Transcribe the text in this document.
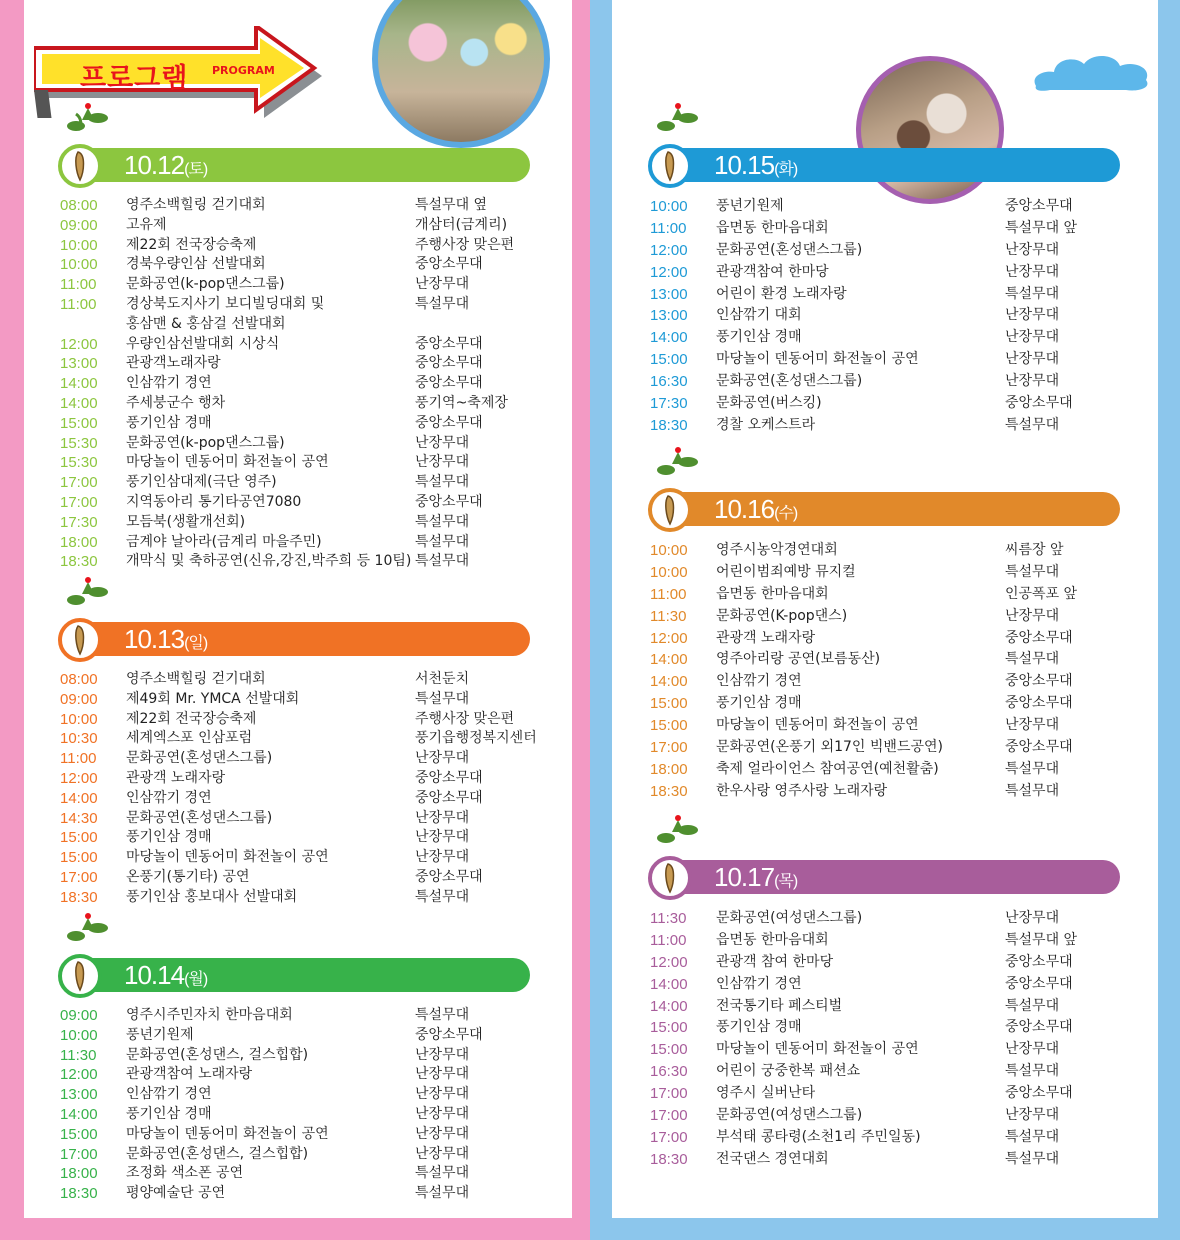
프로그램 PROGRAM
10.12(토)
08:00	영주소백힐링 걷기대회	특설무대 옆
09:00	고유제	개삼터(금계리)
10:00	제22회 전국장승축제	주행사장 맞은편
10:00	경북우량인삼 선발대회	중앙소무대
11:00	문화공연(k-pop댄스그룹)	난장무대
11:00	경상북도지사기 보디빌딩대회 및	특설무대
홍삼맨 & 홍삼걸 선발대회
12:00	우량인삼선발대회 시상식	중앙소무대
13:00	관광객노래자랑	중앙소무대
14:00	인삼깎기 경연	중앙소무대
14:00	주세붕군수 행차	풍기역~축제장
15:00	풍기인삼 경매	중앙소무대
15:30	문화공연(k-pop댄스그룹)	난장무대
15:30	마당놀이 덴동어미 화전놀이 공연	난장무대
17:00	풍기인삼대제(극단 영주)	특설무대
17:00	지역동아리 통기타공연7080	중앙소무대
17:30	모듬북(생활개선회)	특설무대
18:00	금계야 날아라(금계리 마을주민)	특설무대
18:30	개막식 및 축하공연(신유,강진,박주희 등 10팀) 특설무대
10.13(일)
08:00	영주소백힐링 걷기대회	서천둔치
09:00	제49회 Mr. YMCA 선발대회	특설무대
10:00	제22회 전국장승축제	주행사장 맞은편
10:30	세계엑스포 인삼포럼	풍기읍행정복지센터
11:00	문화공연(혼성댄스그룹)	난장무대
12:00	관광객 노래자랑	중앙소무대
14:00	인삼깎기 경연	중앙소무대
14:30	문화공연(혼성댄스그룹)	난장무대
15:00	풍기인삼 경매	난장무대
15:00	마당놀이 덴동어미 화전놀이 공연	난장무대
17:00	온풍기(통기타) 공연	중앙소무대
18:30	풍기인삼 홍보대사 선발대회	특설무대
10.14(월)
09:00	영주시주민자치 한마음대회	특설무대
10:00	풍년기원제	중앙소무대
11:30	문화공연(혼성댄스, 걸스힙합)	난장무대
12:00	관광객참여 노래자랑	난장무대
13:00	인삼깎기 경연	난장무대
14:00	풍기인삼 경매	난장무대
15:00	마당놀이 덴동어미 화전놀이 공연	난장무대
17:00	문화공연(혼성댄스, 걸스힙합)	난장무대
18:00	조정화 색소폰 공연	특설무대
18:30	평양예술단 공연	특설무대
10.15(화)
10:00	풍년기원제	중앙소무대
11:00	읍면동 한마음대회	특설무대 앞
12:00	문화공연(혼성댄스그룹)	난장무대
12:00	관광객참여 한마당	난장무대
13:00	어린이 환경 노래자랑	특설무대
13:00	인삼깎기 대회	난장무대
14:00	풍기인삼 경매	난장무대
15:00	마당놀이 덴동어미 화전놀이 공연	난장무대
16:30	문화공연(혼성댄스그룹)	난장무대
17:30	문화공연(버스킹)	중앙소무대
18:30	경찰 오케스트라	특설무대
10.16(수)
10:00	영주시농악경연대회	씨름장 앞
10:00	어린이범죄예방 뮤지컬	특설무대
11:00	읍면동 한마음대회	인공폭포 앞
11:30	문화공연(K-pop댄스)	난장무대
12:00	관광객 노래자랑	중앙소무대
14:00	영주아리랑 공연(보름동산)	특설무대
14:00	인삼깎기 경연	중앙소무대
15:00	풍기인삼 경매	중앙소무대
15:00	마당놀이 덴동어미 화전놀이 공연	난장무대
17:00	문화공연(온풍기 외17인 빅밴드공연)	중앙소무대
18:00	축제 얼라이언스 참여공연(예천활춤)	특설무대
18:30	한우사랑 영주사랑 노래자랑	특설무대
10.17(목)
11:30	문화공연(여성댄스그룹)	난장무대
11:00	읍면동 한마음대회	특설무대 앞
12:00	관광객 참여 한마당	중앙소무대
14:00	인삼깎기 경연	중앙소무대
14:00	전국통기타 페스티벌	특설무대
15:00	풍기인삼 경매	중앙소무대
15:00	마당놀이 덴동어미 화전놀이 공연	난장무대
16:30	어린이 궁중한복 패션쇼	특설무대
17:00	영주시 실버난타	중앙소무대
17:00	문화공연(여성댄스그룹)	난장무대
17:00	부석태 콩타령(소천1리 주민일동)	특설무대
18:30	전국댄스 경연대회	특설무대
